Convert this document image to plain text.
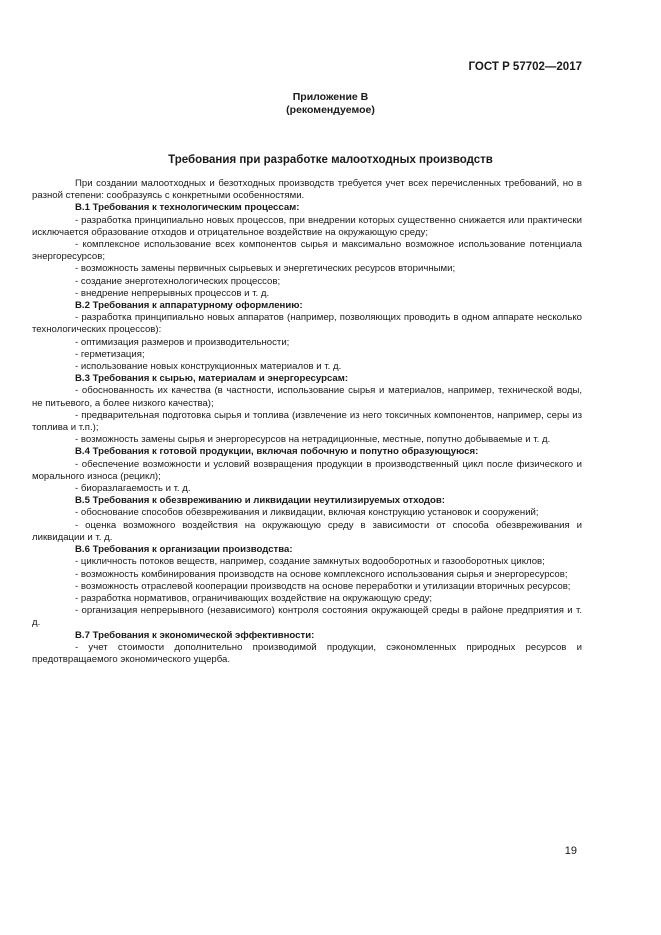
ГОСТ Р 57702—2017
Приложение В
(рекомендуемое)
Требования при разработке малоотходных производств

При создании малоотходных и безотходных производств требуется учет всех перечисленных требований, но в разной степени: сообразуясь с конкретными особенностями.

В.1 Требования к технологическим процессам:

- разработка принципиально новых процессов, при внедрении которых существенно снижается или практически исключается образование отходов и отрицательное воздействие на окружающую среду;

- комплексное использование всех компонентов сырья и максимально возможное использование потенциала энергоресурсов;

- возможность замены первичных сырьевых и энергетических ресурсов вторичными;

- создание энерготехнологических процессов;

- внедрение непрерывных процессов и т. д.

В.2 Требования к аппаратурному оформлению:

- разработка принципиально новых аппаратов (например, позволяющих проводить в одном аппарате несколько технологических процессов):

- оптимизация размеров и производительности;

- герметизация;

- использование новых конструкционных материалов и т. д.

В.3 Требования к сырью, материалам и энергоресурсам:

- обоснованность их качества (в частности, использование сырья и материалов, например, технической воды, не питьевого, а более низкого качества);

- предварительная подготовка сырья и топлива (извлечение из него токсичных компонентов, например, серы из топлива и т.п.);

- возможность замены сырья и энергоресурсов на нетрадиционные, местные, попутно добываемые и т. д.

В.4 Требования к готовой продукции, включая побочную и попутно образующуюся:

- обеспечение возможности и условий возвращения продукции в производственный цикл после физического и морального износа (рецикл);

- биоразлагаемость и т. д.

В.5 Требования к обезвреживанию и ликвидации неутилизируемых отходов:

- обоснование способов обезвреживания и ликвидации, включая конструкцию установок и сооружений;

- оценка возможного воздействия на окружающую среду в зависимости от способа обезвреживания и ликвидации и т. д.

В.6 Требования к организации производства:

- цикличность потоков веществ, например, создание замкнутых водооборотных и газооборотных циклов;

- возможность комбинирования производств на основе комплексного использования сырья и энергоресурсов;

- возможность отраслевой кооперации производств на основе переработки и утилизации вторичных ресурсов;

- разработка нормативов, ограничивающих воздействие на окружающую среду;

- организация непрерывного (независимого) контроля состояния окружающей среды в районе предприятия и т. д.

В.7 Требования к экономической эффективности:

- учет стоимости дополнительно производимой продукции, сэкономленных природных ресурсов и предотвращаемого экономического ущерба.

19
